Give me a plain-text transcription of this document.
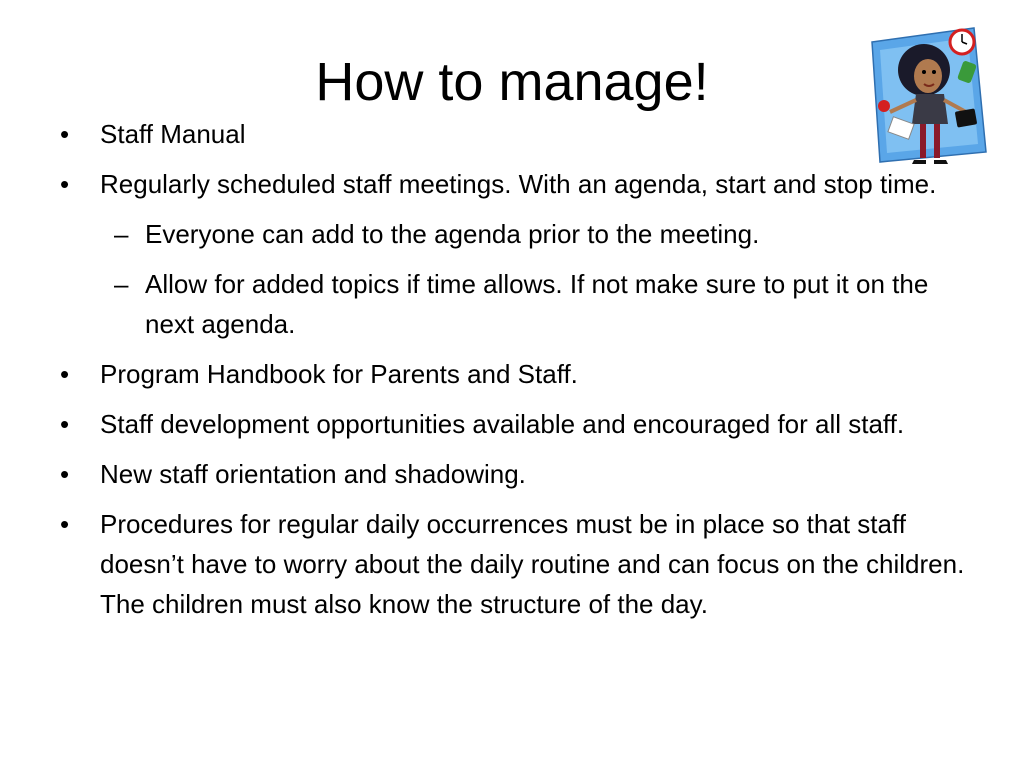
How to manage!
• Staff Manual
• Regularly scheduled staff meetings. With an agenda, start and stop time.
– Everyone can add to the agenda prior to the meeting.
– Allow for added topics if time allows. If not make sure to put it on the next agenda.
• Program Handbook for Parents and Staff.
• Staff development opportunities available and encouraged for all staff.
• New staff orientation and shadowing.
• Procedures for regular daily occurrences must be in place so that staff doesn’t have to worry about the daily routine and can focus on the children. The children must also know the structure of the day.
